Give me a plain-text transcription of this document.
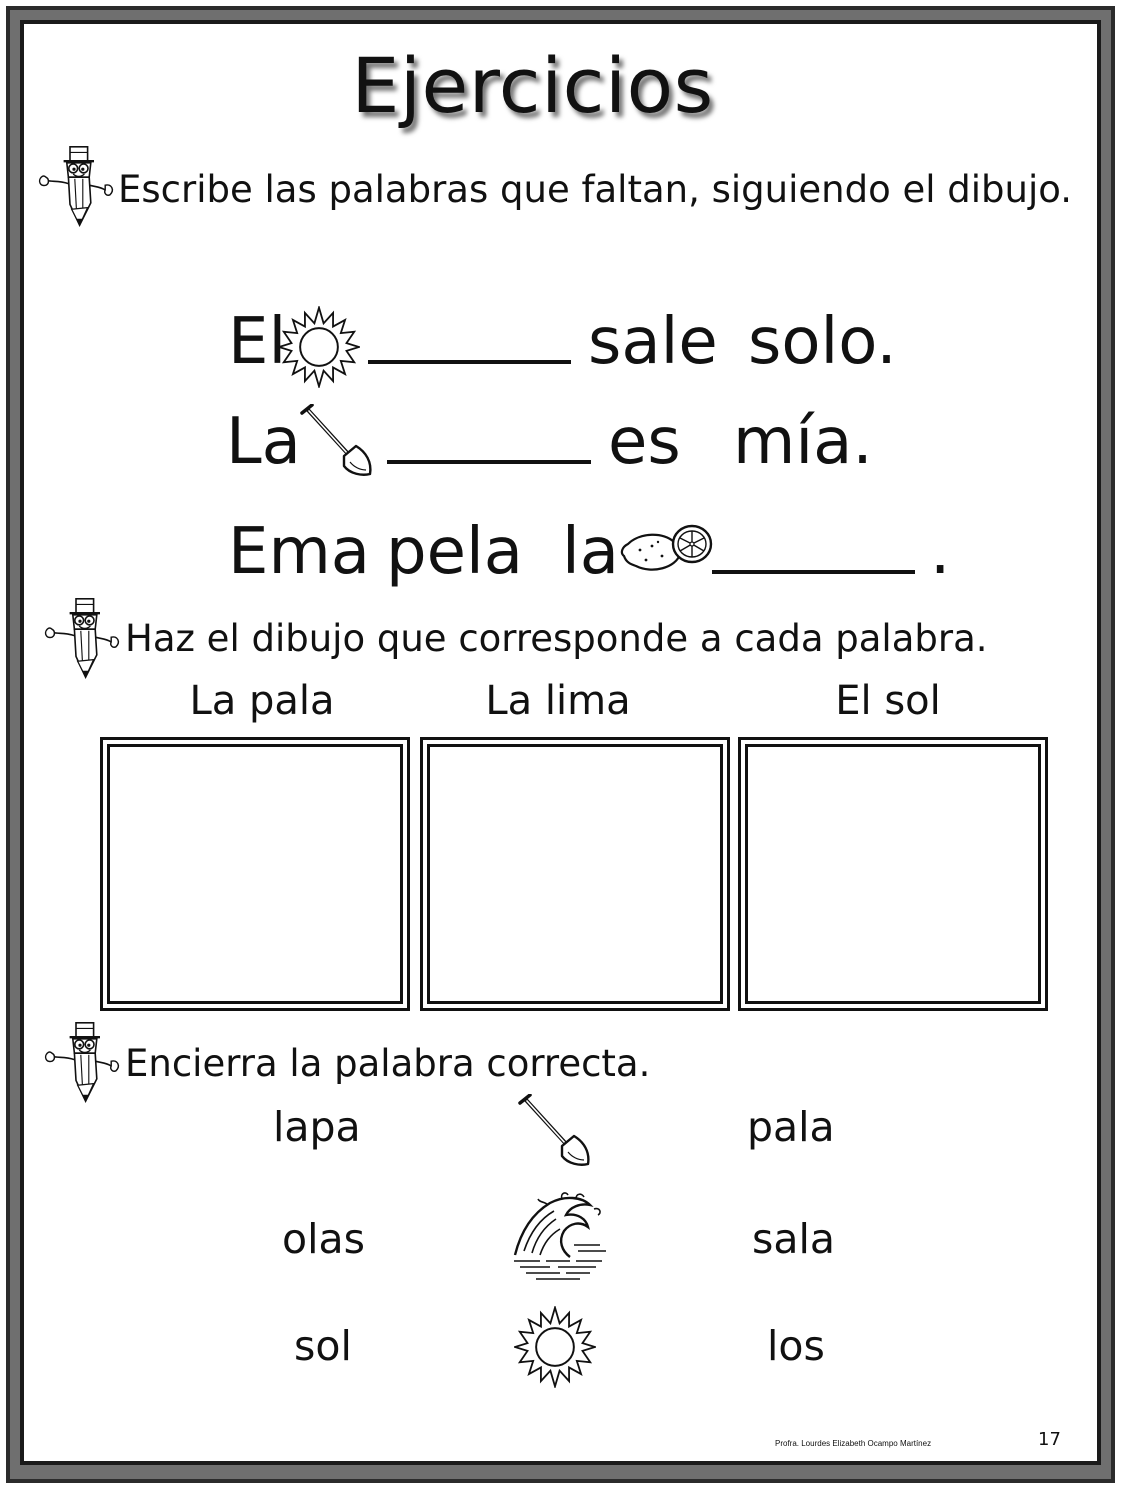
Ejercicios
Escribe las palabras que faltan, siguiendo el dibujo.
El	sale solo.
La	es mía.
Ema pela la	.
Haz el dibujo que corresponde a cada palabra.
La pala	La lima	El sol
Encierra la palabra correcta.
lapa	pala
olas	sala
sol	los
Profra. Lourdes Elizabeth Ocampo Martínez	17
